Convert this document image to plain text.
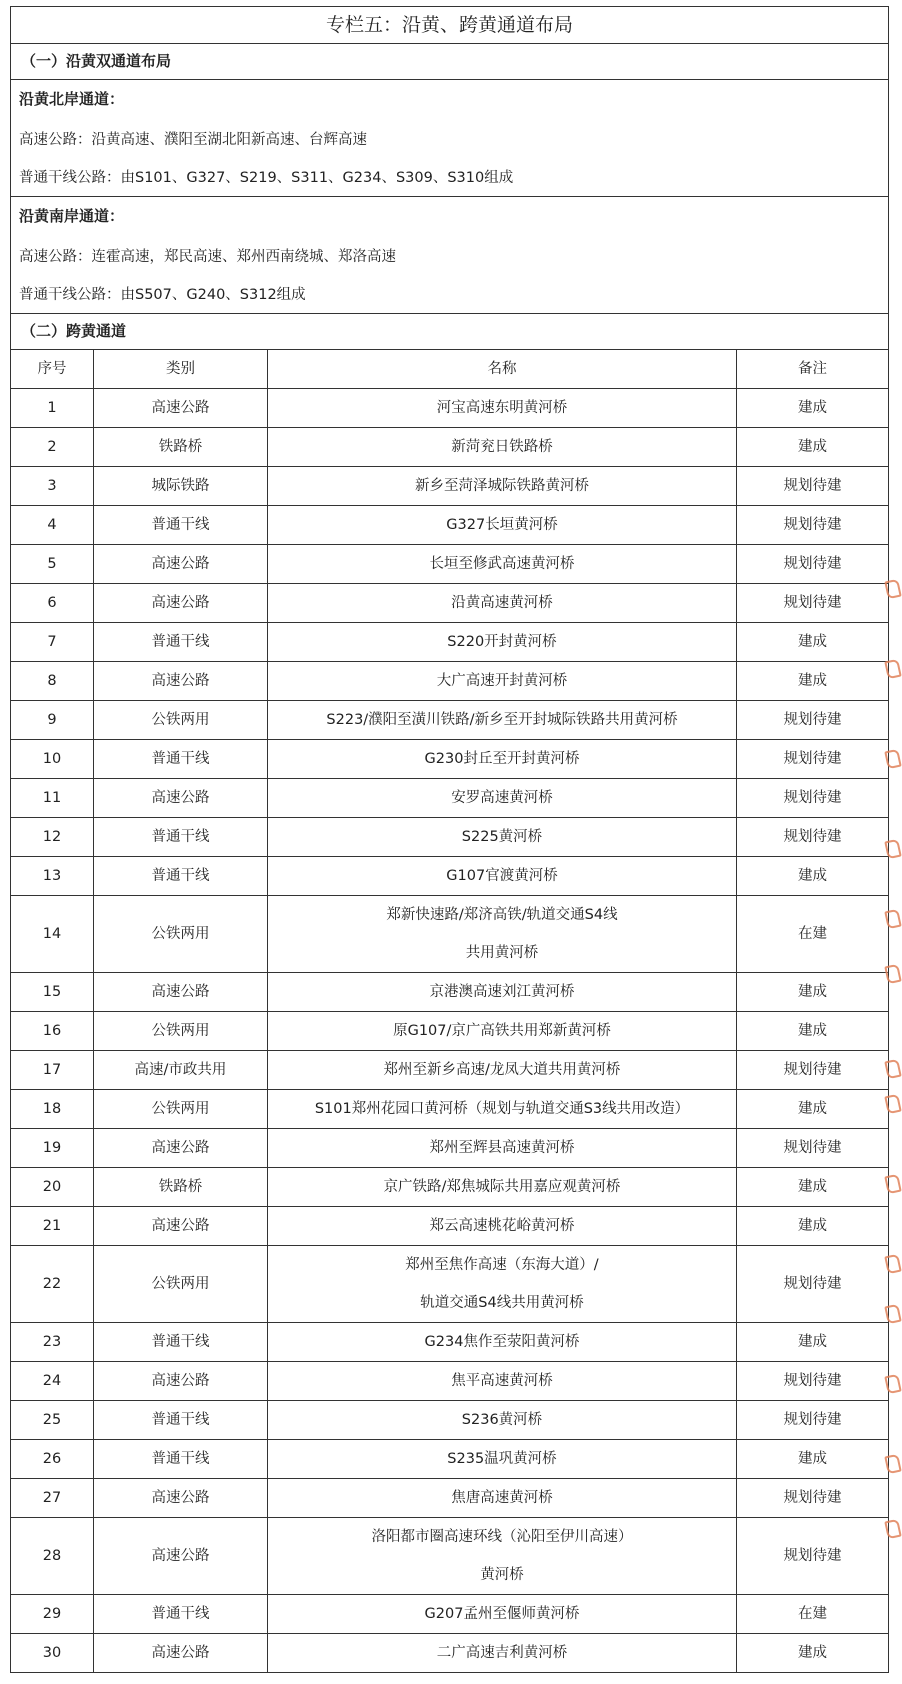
专栏五：沿黄、跨黄通道布局			
（一）沿黄双通道布局			

沿黄北岸通道：
高速公路：沿黄高速、濮阳至湖北阳新高速、台辉高速
普通干线公路：由S101、G327、S219、S311、G234、S309、S310组成			

沿黄南岸通道：
高速公路：连霍高速，郑民高速、郑州西南绕城、郑洛高速
普通干线公路：由S507、G240、S312组成			

（二）跨黄通道			
序号	类别	名称	备注
1	高速公路	河宝高速东明黄河桥	建成
2	铁路桥	新菏兖日铁路桥	建成
3	城际铁路	新乡至菏泽城际铁路黄河桥	规划待建
4	普通干线	G327长垣黄河桥	规划待建
5	高速公路	长垣至修武高速黄河桥	规划待建
6	高速公路	沿黄高速黄河桥	规划待建
7	普通干线	S220开封黄河桥	建成
8	高速公路	大广高速开封黄河桥	建成
9	公铁两用	S223/濮阳至潢川铁路/新乡至开封城际铁路共用黄河桥	规划待建
10	普通干线	G230封丘至开封黄河桥	规划待建
11	高速公路	安罗高速黄河桥	规划待建
12	普通干线	S225黄河桥	规划待建
13	普通干线	G107官渡黄河桥	建成
14	公铁两用	郑新快速路/郑济高铁/轨道交通S4线
共用黄河桥	在建
15	高速公路	京港澳高速刘江黄河桥	建成
16	公铁两用	原G107/京广高铁共用郑新黄河桥	建成
17	高速/市政共用	郑州至新乡高速/龙凤大道共用黄河桥	规划待建
18	公铁两用	S101郑州花园口黄河桥（规划与轨道交通S3线共用改造）	建成
19	高速公路	郑州至辉县高速黄河桥	规划待建
20	铁路桥	京广铁路/郑焦城际共用嘉应观黄河桥	建成
21	高速公路	郑云高速桃花峪黄河桥	建成
22	公铁两用	郑州至焦作高速（东海大道）/
轨道交通S4线共用黄河桥	规划待建
23	普通干线	G234焦作至荥阳黄河桥	建成
24	高速公路	焦平高速黄河桥	规划待建
25	普通干线	S236黄河桥	规划待建
26	普通干线	S235温巩黄河桥	建成
27	高速公路	焦唐高速黄河桥	规划待建
28	高速公路	洛阳都市圈高速环线（沁阳至伊川高速）
黄河桥	规划待建
29	普通干线	G207孟州至偃师黄河桥	在建
30	高速公路	二广高速吉利黄河桥	建成
